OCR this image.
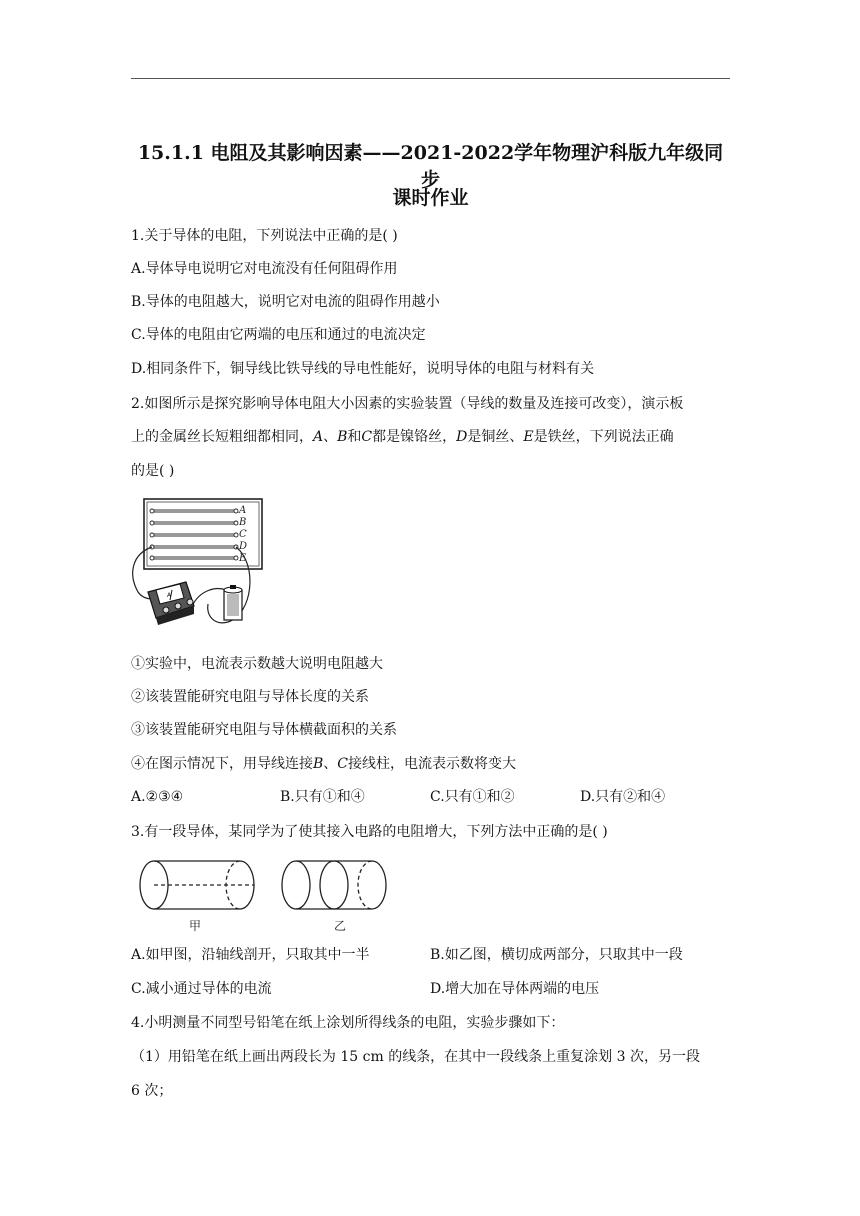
15.1.1 电阻及其影响因素——2021-2022学年物理沪科版九年级同步
课时作业
1.关于导体的电阻，下列说法中正确的是( )
A.导体导电说明它对电流没有任何阻碍作用
B.导体的电阻越大，说明它对电流的阻碍作用越小
C.导体的电阻由它两端的电压和通过的电流决定
D.相同条件下，铜导线比铁导线的导电性能好，说明导体的电阻与材料有关
2.如图所示是探究影响导体电阻大小因素的实验装置（导线的数量及连接可改变），演示板
上的金属丝长短粗细都相同，A、B和C都是镍铬丝，D是铜丝、E是铁丝，下列说法正确
的是( )
A
B
C
D
E
A
①实验中，电流表示数越大说明电阻越大
②该装置能研究电阻与导体长度的关系
③该装置能研究电阻与导体横截面积的关系
④在图示情况下，用导线连接B、C接线柱，电流表示数将变大
A.②③④	B.只有①和④	C.只有①和②	D.只有②和④
3.有一段导体，某同学为了使其接入电路的电阻增大，下列方法中正确的是( )
甲	乙
A.如甲图，沿轴线剖开，只取其中一半	B.如乙图，横切成两部分，只取其中一段
C.减小通过导体的电流	D.增大加在导体两端的电压
4.小明测量不同型号铅笔在纸上涂划所得线条的电阻，实验步骤如下：
（1）用铅笔在纸上画出两段长为 15 cm 的线条，在其中一段线条上重复涂划 3 次，另一段
6 次；
